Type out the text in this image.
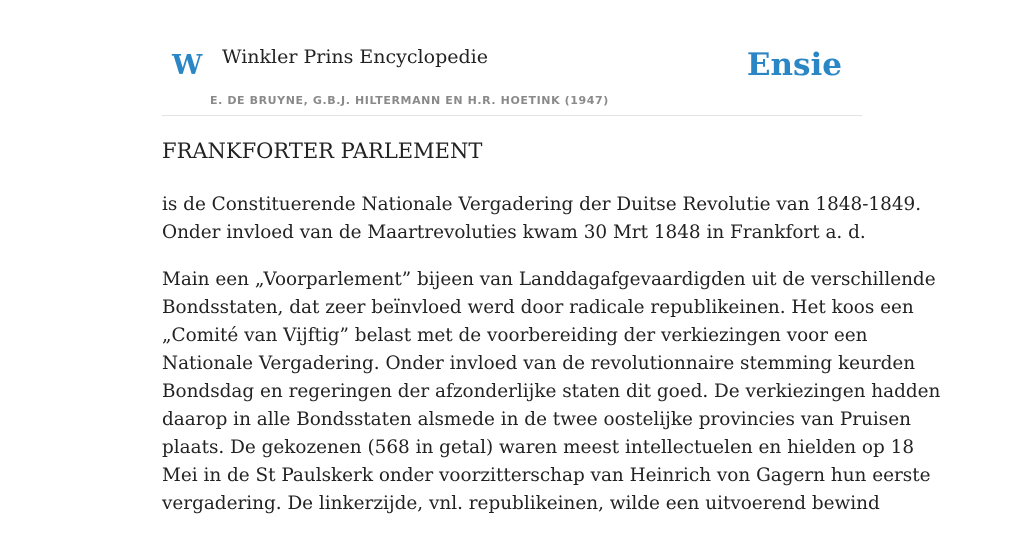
W Winkler Prins Encyclopedie
E. DE BRUYNE, G.B.J. HILTERMANN EN H.R. HOETINK (1947)
Ensie
FRANKFORTER PARLEMENT

is de Constituerende Nationale Vergadering der Duitse Revolutie van 1848-1849.
Onder invloed van de Maartrevoluties kwam 30 Mrt 1848 in Frankfort a. d.

Main een „Voorparlement” bijeen van Landdagafgevaardigden uit de verschillende
Bondsstaten, dat zeer beïnvloed werd door radicale republikeinen. Het koos een
„Comité van Vijftig” belast met de voorbereiding der verkiezingen voor een
Nationale Vergadering. Onder invloed van de revolutionnaire stemming keurden
Bondsdag en regeringen der afzonderlijke staten dit goed. De verkiezingen hadden
daarop in alle Bondsstaten alsmede in de twee oostelijke provincies van Pruisen
plaats. De gekozenen (568 in getal) waren meest intellectuelen en hielden op 18
Mei in de St Paulskerk onder voorzitterschap van Heinrich von Gagern hun eerste
vergadering. De linkerzijde, vnl. republikeinen, wilde een uitvoerend bewind
